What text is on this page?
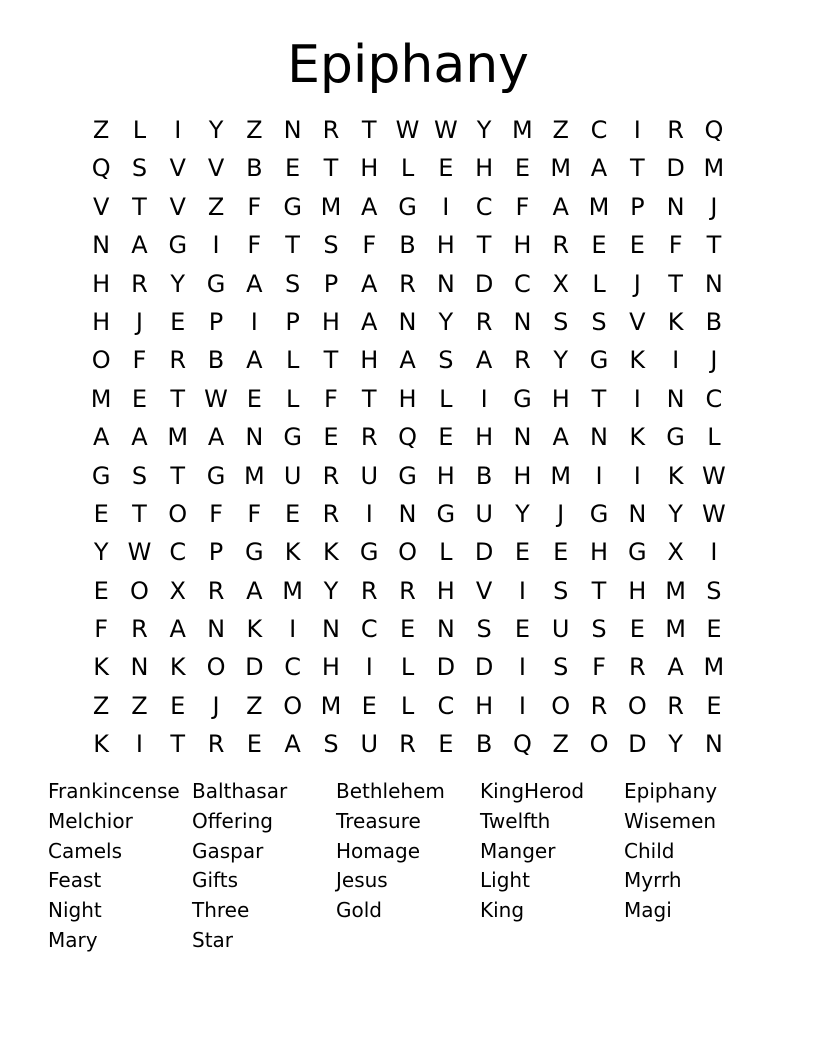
Epiphany
Z L	I	Y Z N R T W W Y M Z C	I	R Q
Q S V V B E T H L	E H E M A T D M
V T V Z F G M A G	I	C F A M P N	J
N A G	I	F	T S F B H T H R E E F	T
H R Y G A S P A R N D C X L	J	T N
H	J	E P	I	P H A N Y R N S S V K B
O F R B A L	T H A S A R Y G K	I	J
M E T W E	L	F	T H L	I	G H T	I	N C
A A M A N G E R Q E H N A N K G L
G S T G M U R U G H B H M	I	I	K W
E T O F	F E R	I	N G U Y	J	G N Y W
Y W C P G K K G O L D E E H G X	I
E O X R A M Y R R H V	I	S T H M S
F R A N K	I	N C E N S E U S E M E
K N K O D C H	I	L D D	I	S F R A M
Z Z E	J	Z O M E	L C H	I	O R O R E
K	I	T R E A S U R E B Q Z O D Y N
Frankincense Balthasar	Bethlehem	KingHerod	Epiphany
Melchior	Offering	Treasure	Twelfth	Wisemen
Camels	Gaspar	Homage	Manger	Child
Feast	Gifts	Jesus	Light	Myrrh
Night	Three	Gold	King	Magi
Mary	Star
